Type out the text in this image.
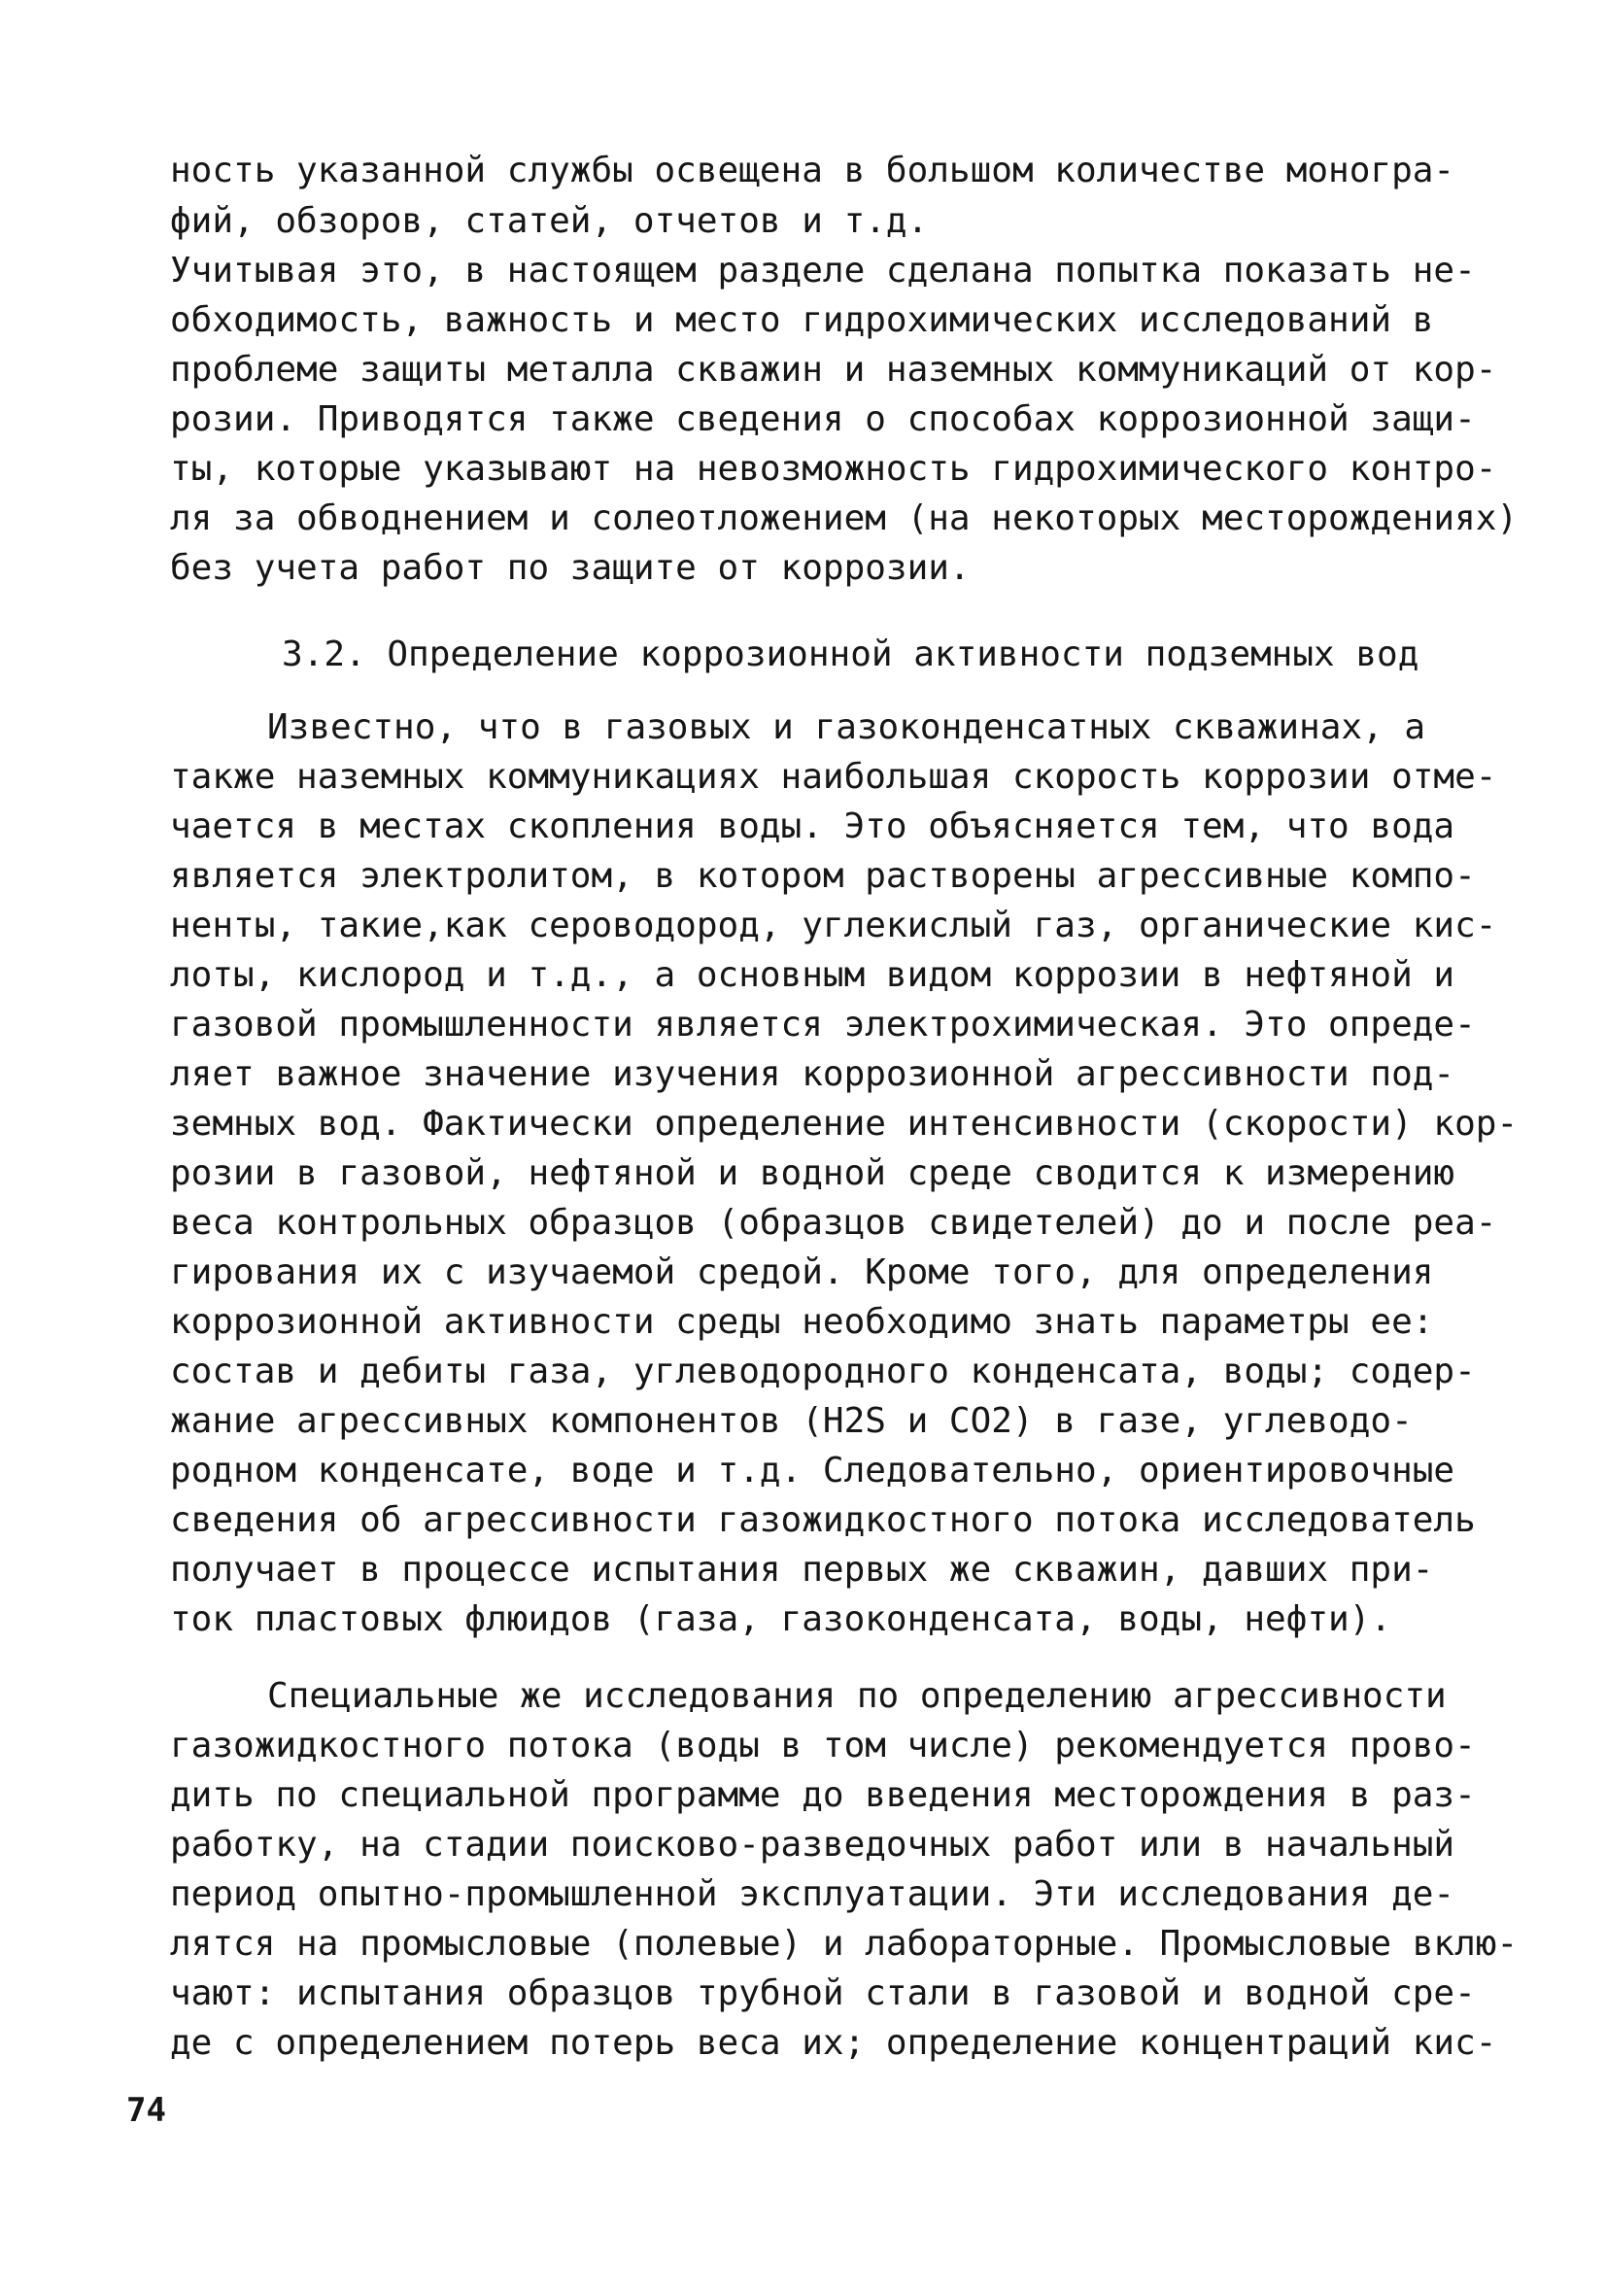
ность указанной службы освещена в большом количестве моногра-
фий, обзоров, статей, отчетов и т.д.
Учитывая это, в настоящем разделе сделана попытка показать не-
обходимость, важность и место гидрохимических исследований в
проблеме защиты металла скважин и наземных коммуникаций от кор-
розии. Приводятся также сведения о способах коррозионной защи-
ты, которые указывают на невозможность гидрохимического контро-
ля за обводнением и солеотложением (на некоторых месторождениях)
без учета работ по защите от коррозии.
3.2. Определение коррозионной активности подземных вод
Известно, что в газовых и газоконденсатных скважинах, а
также наземных коммуникациях наибольшая скорость коррозии отме-
чается в местах скопления воды. Это объясняется тем, что вода
является электролитом, в котором растворены агрессивные компо-
ненты, такие,как сероводород, углекислый газ, органические кис-
лоты, кислород и т.д., а основным видом коррозии в нефтяной и
газовой промышленности является электрохимическая. Это опреде-
ляет важное значение изучения коррозионной агрессивности под-
земных вод. Фактически определение интенсивности (скорости) кор-
розии в газовой, нефтяной и водной среде сводится к измерению
веса контрольных образцов (образцов свидетелей) до и после реа-
гирования их с изучаемой средой. Кроме того, для определения
коррозионной активности среды необходимо знать параметры ее:
состав и дебиты газа, углеводородного конденсата, воды; содер-
жание агрессивных компонентов (H2S и CO2) в газе, углеводо-
родном конденсате, воде и т.д. Следовательно, ориентировочные
сведения об агрессивности газожидкостного потока исследователь
получает в процессе испытания первых же скважин, давших при-
ток пластовых флюидов (газа, газоконденсата, воды, нефти).
Специальные же исследования по определению агрессивности
газожидкостного потока (воды в том числе) рекомендуется прово-
дить по специальной программе до введения месторождения в раз-
работку, на стадии поисково-разведочных работ или в начальный
период опытно-промышленной эксплуатации. Эти исследования де-
лятся на промысловые (полевые) и лабораторные. Промысловые вклю-
чают: испытания образцов трубной стали в газовой и водной сре-
де с определением потерь веса их; определение концентраций кис-
74
